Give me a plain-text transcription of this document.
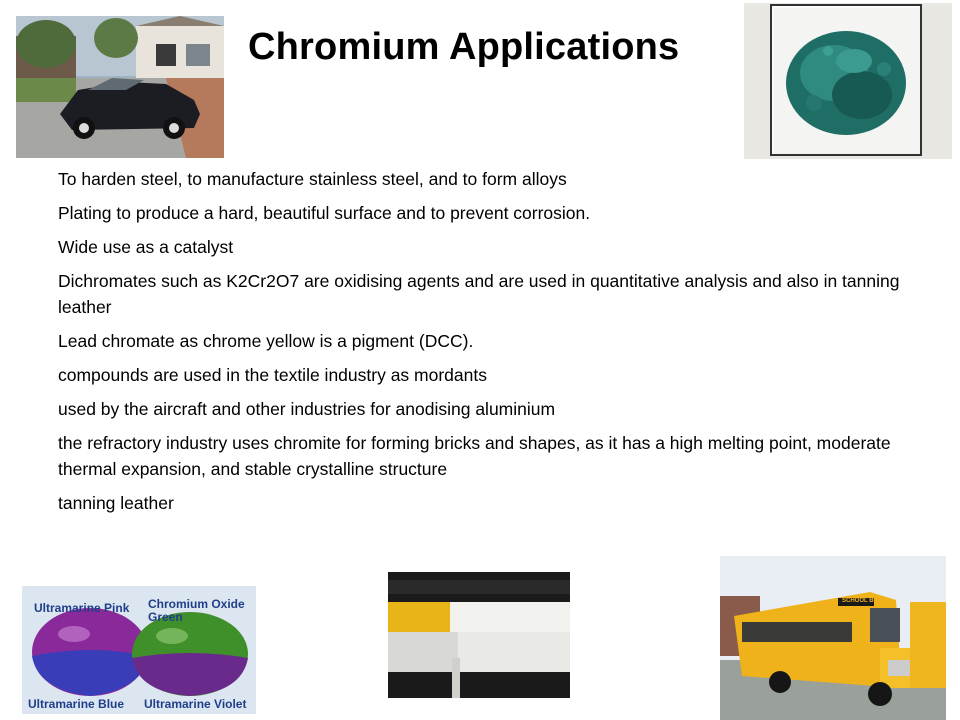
Chromium Applications

To harden steel, to manufacture stainless steel, and to form alloys

Plating to produce a hard, beautiful surface and to prevent corrosion.

Wide use as a catalyst

Dichromates such as K2Cr2O7 are oxidising agents and are used in quantitative analysis and also in tanning leather

Lead chromate as chrome yellow is a pigment (DCC).

compounds are used in the textile industry as mordants

used by the aircraft and other industries for anodising aluminium

the refractory industry uses chromite for forming bricks and shapes, as it has a high melting point, moderate thermal expansion, and stable crystalline structure

tanning leather

Ultramarine Pink Chromium Oxide Green
Ultramarine Blue Ultramarine Violet
SCHOOL BUS
